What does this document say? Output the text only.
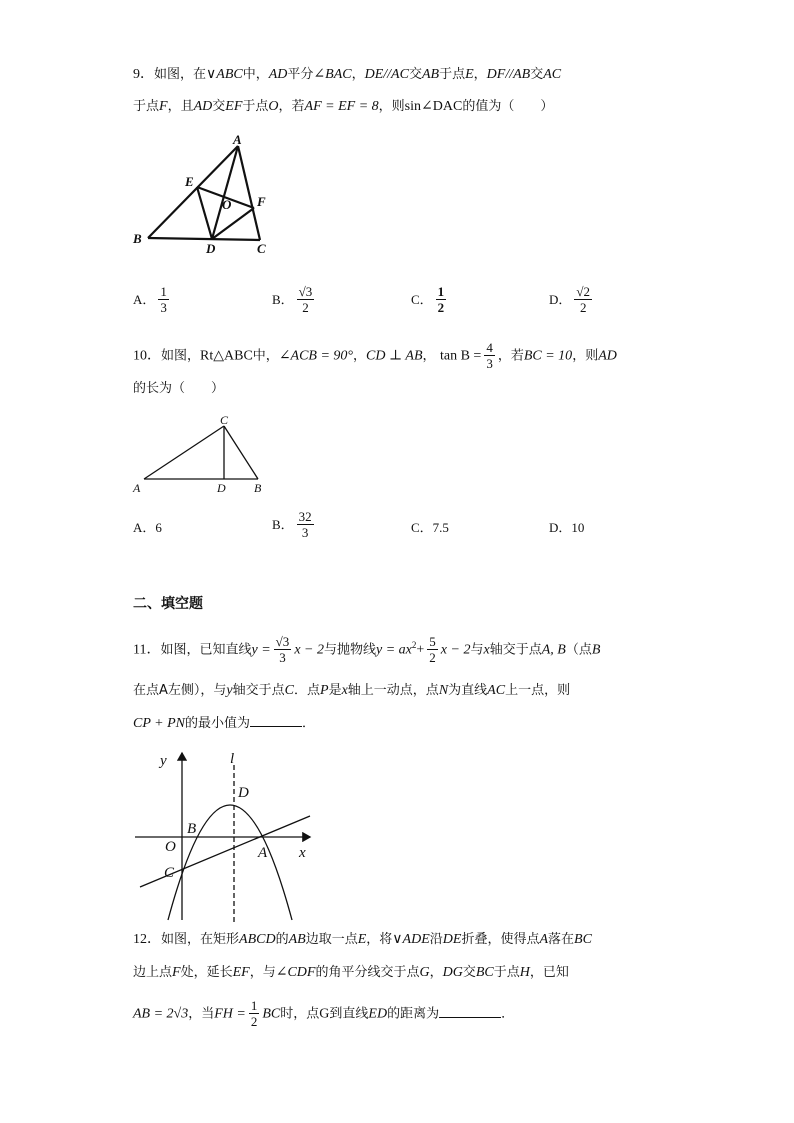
9．如图，在∨ABC中，AD平分∠BAC，DE//AC交AB于点E，DF//AB交AC
于点F，且AD交EF于点O，若AF = EF = 8，则sin∠DAC的值为（　　）
A
E
O F
B
D	C
A． $\frac{1}{3}$	B． $\frac{√3}{2}$	C． $\frac{1}{2}$	D． $\frac{√2}{2}$
10．如图，Rt△ABC中，∠ACB = 90°，CD ⊥ AB， $\tan B = \frac{4}{3}$ ，若BC = 10，则AD
的长为（　　）
C
A	D B
A．6	B． $\frac{32}{3}$	C．7.5	D．10
二、填空题
11．如图，已知直线$y = \frac{√3}{3}$ x − 2与抛物线$y = ax^2+ \frac{5}{2}$ x − 2与x轴交于点A, B（点B
在点A左侧），与y轴交于点C．点P是x轴上一动点，点N为直线AC上一点，则
CP + PN的最小值为	．
y	l
D
B
O	A x
C
12．如图，在矩形ABCD的AB边取一点E，将∨ADE沿DE折叠，使得点A落在BC
边上点F处，延长EF，与∠CDF的角平分线交于点G，DG交BC于点H，已知
AB = 2√3，当FH = $\frac{1}{2}$ BC时，点G到直线ED的距离为	．
